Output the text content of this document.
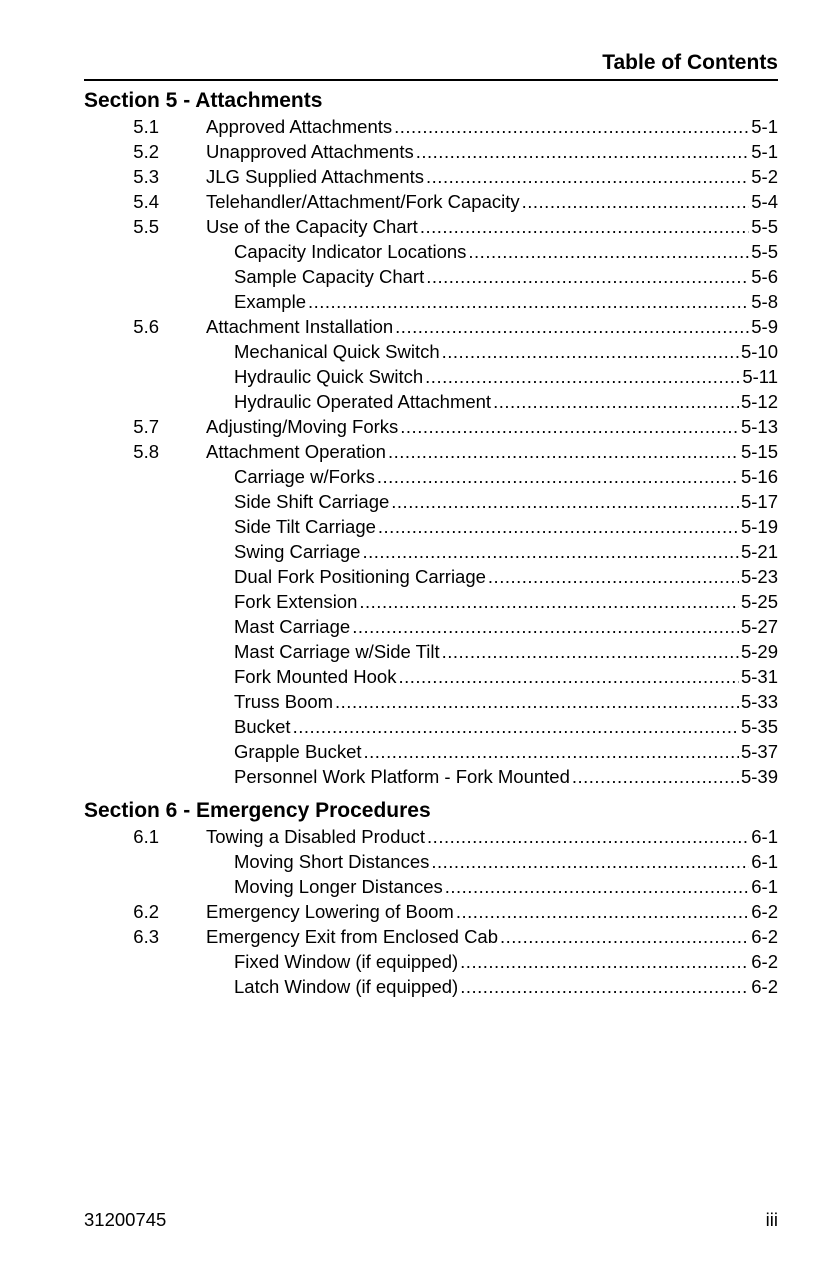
Table of Contents
Section 5 - Attachments
5.1	Approved Attachments .....	5-1
5.2	Unapproved Attachments .....	5-1
5.3	JLG Supplied Attachments .....	5-2
5.4	Telehandler/Attachment/Fork Capacity .....	5-4
5.5	Use of the Capacity Chart .....	5-5
Capacity Indicator Locations .....	5-5
Sample Capacity Chart .....	5-6
Example .....	5-8
5.6	Attachment Installation .....	5-9
Mechanical Quick Switch .....	5-10
Hydraulic Quick Switch .....	5-11
Hydraulic Operated Attachment .....	5-12
5.7	Adjusting/Moving Forks .....	5-13
5.8	Attachment Operation .....	5-15
Carriage w/Forks .....	5-16
Side Shift Carriage .....	5-17
Side Tilt Carriage .....	5-19
Swing Carriage .....	5-21
Dual Fork Positioning Carriage .....	5-23
Fork Extension .....	5-25
Mast Carriage .....	5-27
Mast Carriage w/Side Tilt .....	5-29
Fork Mounted Hook .....	5-31
Truss Boom .....	5-33
Bucket .....	5-35
Grapple Bucket .....	5-37
Personnel Work Platform - Fork Mounted .....	5-39
Section 6 - Emergency Procedures
6.1	Towing a Disabled Product .....	6-1
Moving Short Distances .....	6-1
Moving Longer Distances .....	6-1
6.2	Emergency Lowering of Boom .....	6-2
6.3	Emergency Exit from Enclosed Cab .....	6-2
Fixed Window (if equipped) .....	6-2
Latch Window (if equipped) .....	6-2
31200745	iii
